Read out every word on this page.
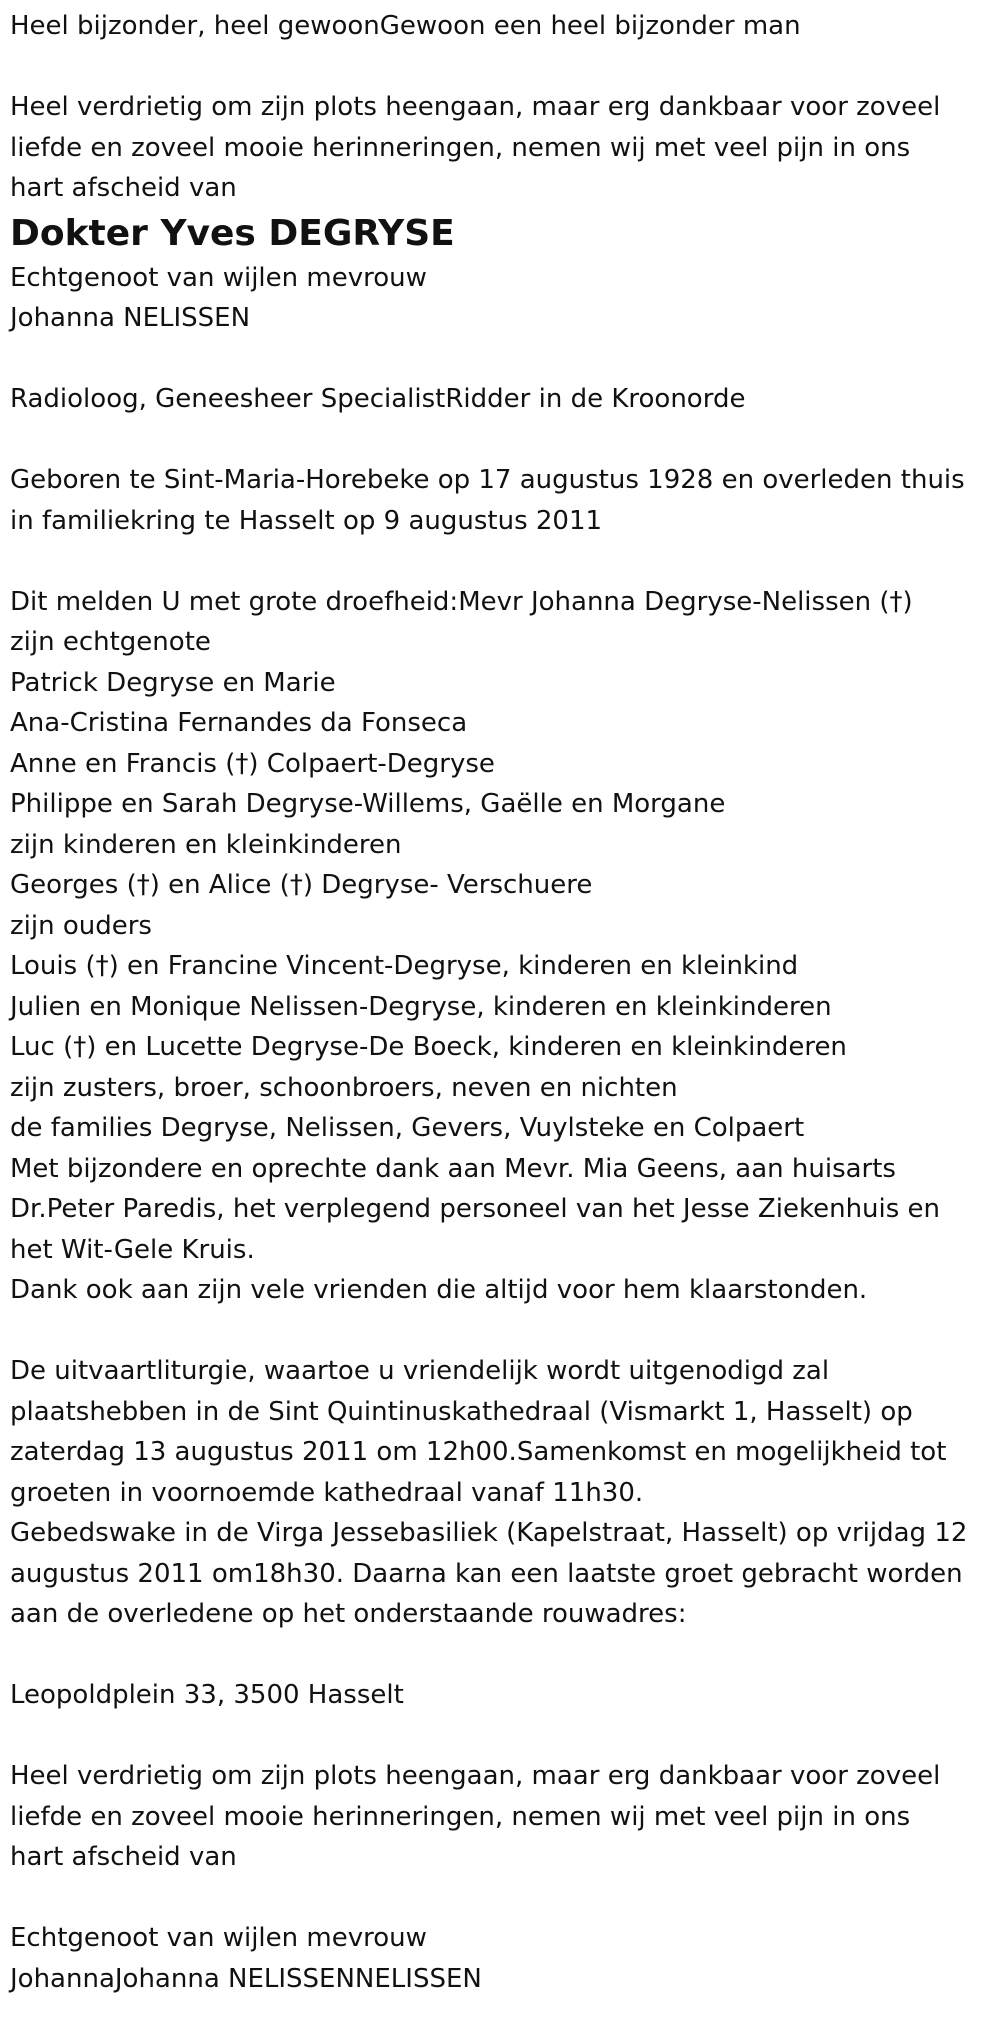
Heel bijzonder, heel gewoonGewoon een heel bijzonder man
Heel verdrietig om zijn plots heengaan, maar erg dankbaar voor zoveel
liefde en zoveel mooie herinneringen, nemen wij met veel pijn in ons
hart afscheid van
Dokter Yves DEGRYSE
Echtgenoot van wijlen mevrouw
Johanna NELISSEN
Radioloog, Geneesheer SpecialistRidder in de Kroonorde
Geboren te Sint-Maria-Horebeke op 17 augustus 1928 en overleden thuis
in familiekring te Hasselt op 9 augustus 2011
Dit melden U met grote droefheid:Mevr Johanna Degryse-Nelissen (†)
zijn echtgenote
Patrick Degryse en Marie
Ana-Cristina Fernandes da Fonseca
Anne en Francis (†) Colpaert-Degryse
Philippe en Sarah Degryse-Willems, Gaëlle en Morgane
zijn kinderen en kleinkinderen
Georges (†) en Alice (†) Degryse- Verschuere
zijn ouders
Louis (†) en Francine Vincent-Degryse, kinderen en kleinkind
Julien en Monique Nelissen-Degryse, kinderen en kleinkinderen
Luc (†) en Lucette Degryse-De Boeck, kinderen en kleinkinderen
zijn zusters, broer, schoonbroers, neven en nichten
de families Degryse, Nelissen, Gevers, Vuylsteke en Colpaert
Met bijzondere en oprechte dank aan Mevr. Mia Geens, aan huisarts
Dr.Peter Paredis, het verplegend personeel van het Jesse Ziekenhuis en
het Wit-Gele Kruis.
Dank ook aan zijn vele vrienden die altijd voor hem klaarstonden.
De uitvaartliturgie, waartoe u vriendelijk wordt uitgenodigd zal
plaatshebben in de Sint Quintinuskathedraal (Vismarkt 1, Hasselt) op
zaterdag 13 augustus 2011 om 12h00.Samenkomst en mogelijkheid tot
groeten in voornoemde kathedraal vanaf 11h30.
Gebedswake in de Virga Jessebasiliek (Kapelstraat, Hasselt) op vrijdag 12
augustus 2011 om18h30. Daarna kan een laatste groet gebracht worden
aan de overledene op het onderstaande rouwadres:
Leopoldplein 33, 3500 Hasselt
Heel verdrietig om zijn plots heengaan, maar erg dankbaar voor zoveel
liefde en zoveel mooie herinneringen, nemen wij met veel pijn in ons
hart afscheid van
Echtgenoot van wijlen mevrouw
JohannaJohanna NELISSENNELISSEN
